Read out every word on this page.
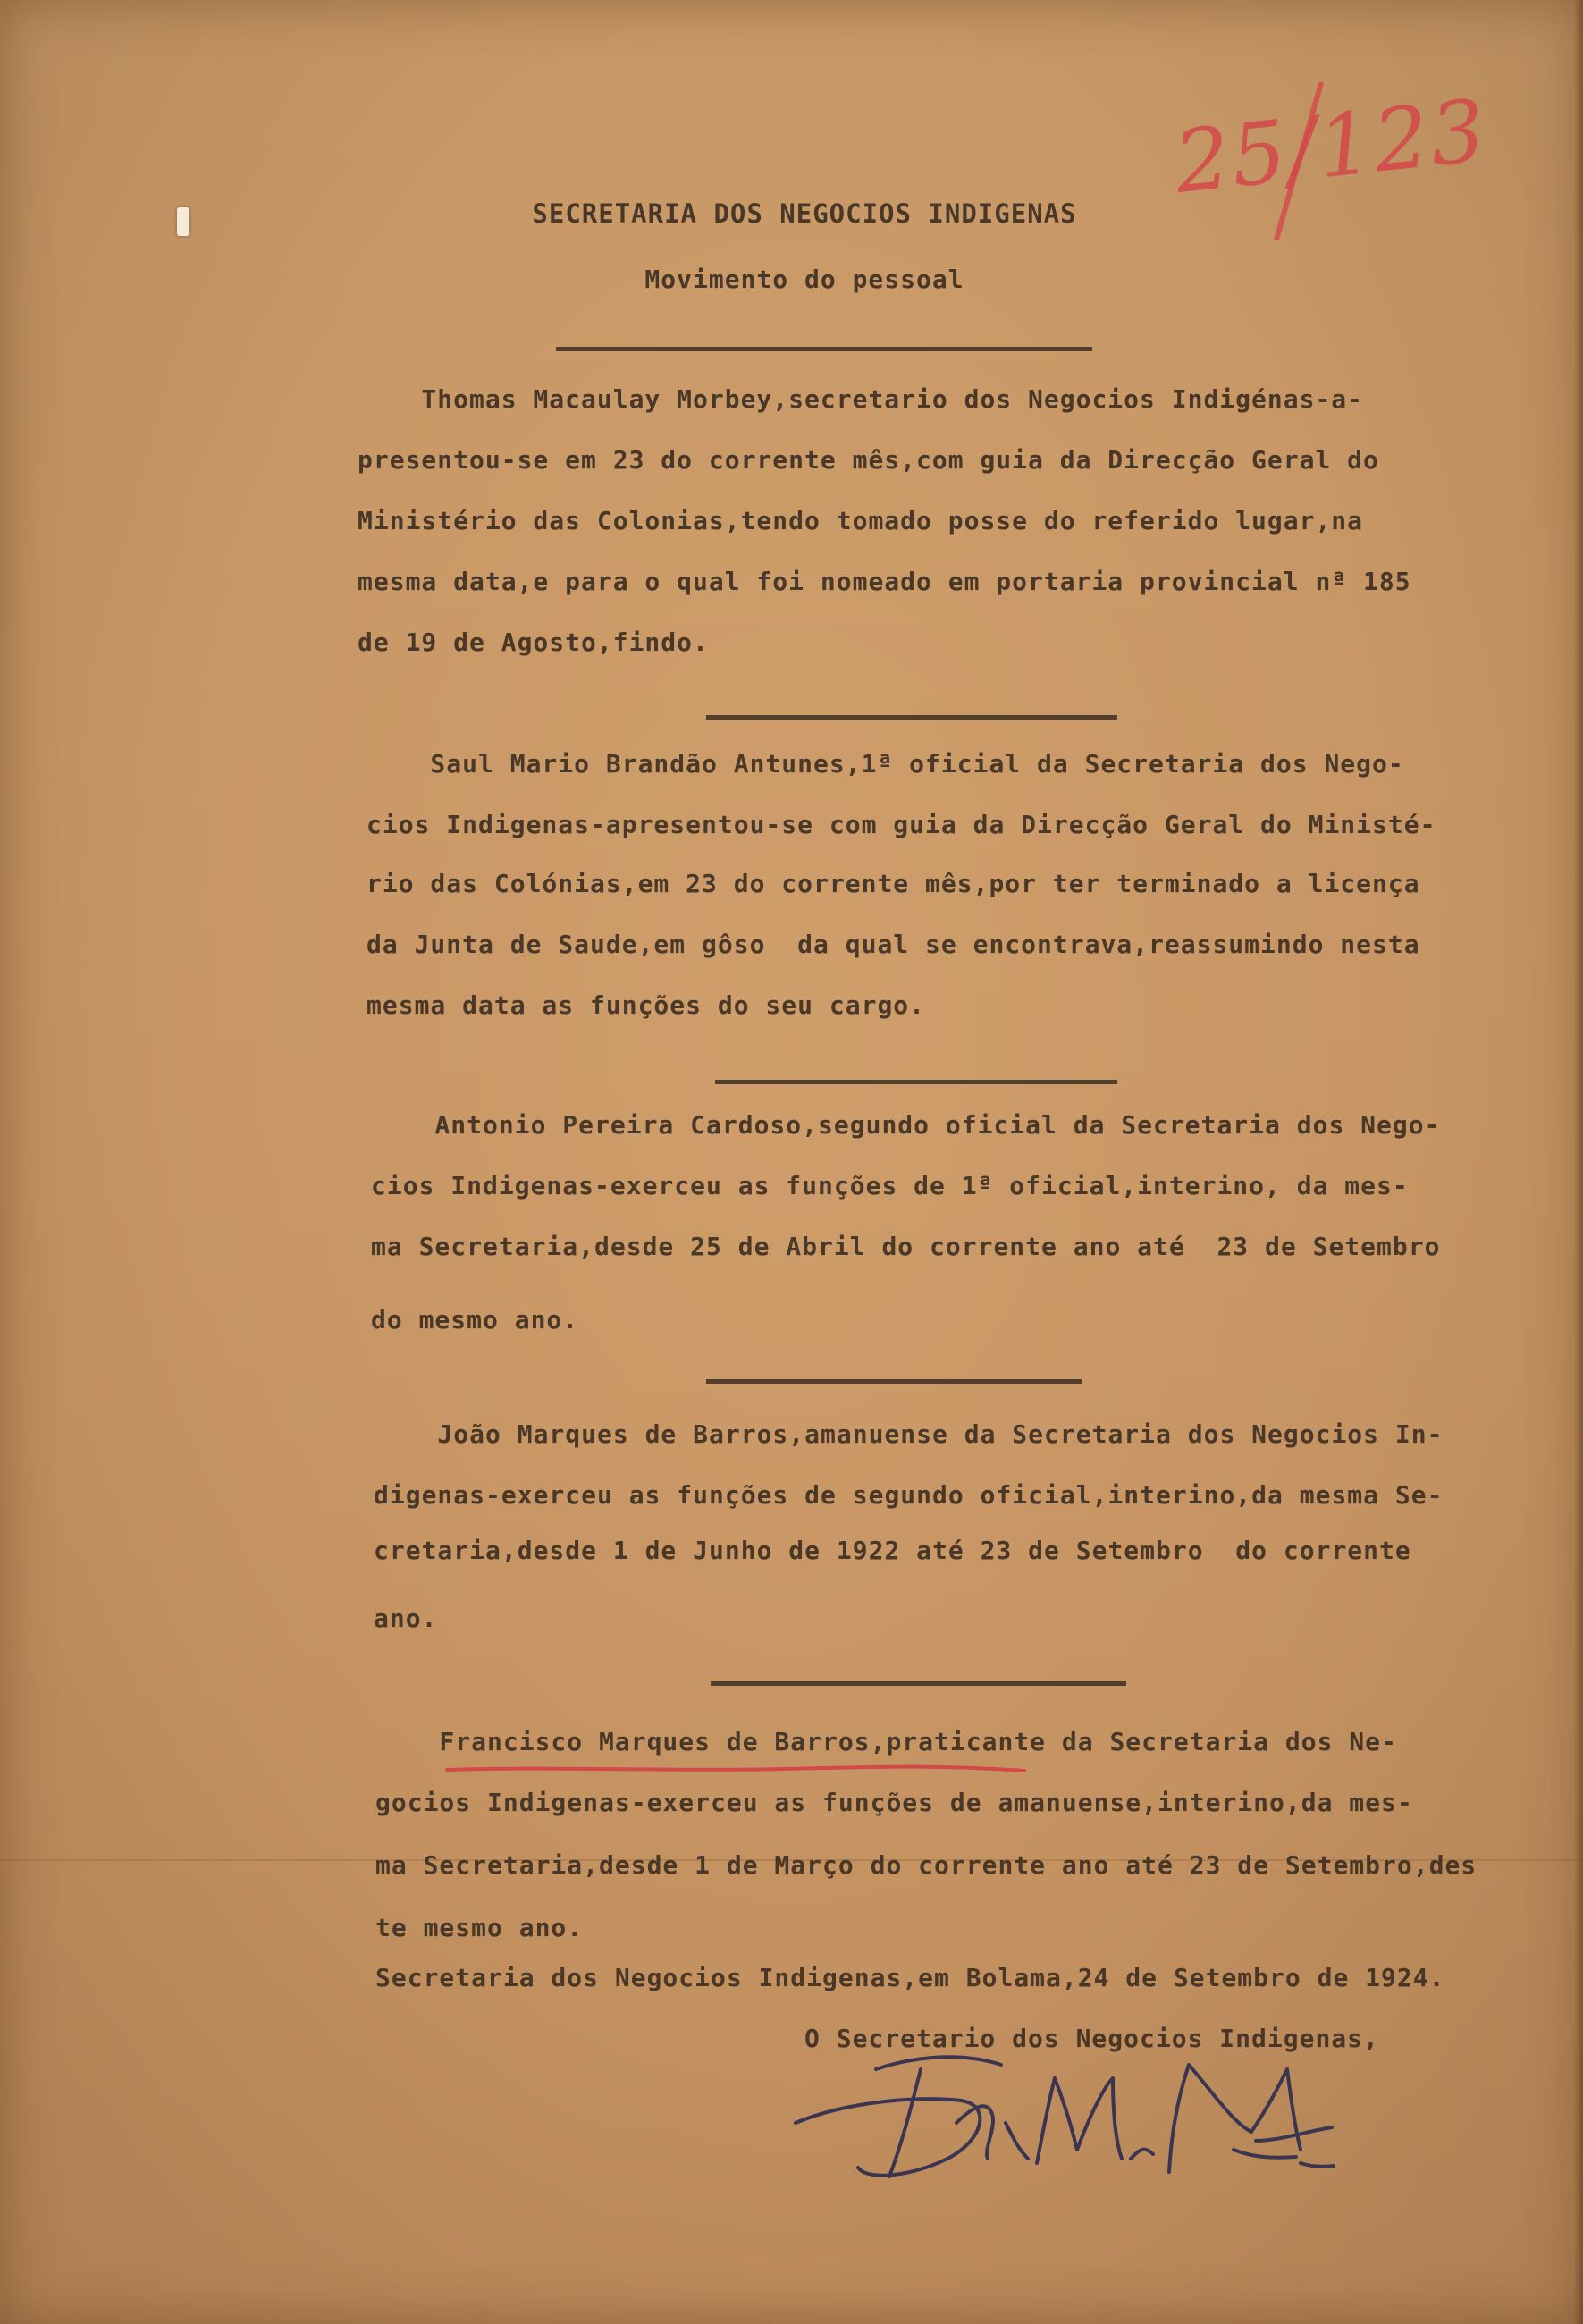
25/123
SECRETARIA DOS NEGOCIOS INDIGENAS
Movimento do pessoal
Thomas Macaulay Morbey,secretario dos Negocios Indigénas-a-
presentou-se em 23 do corrente mês,com guia da Direcção Geral do
Ministério das Colonias,tendo tomado posse do referido lugar,na
mesma data,e para o qual foi nomeado em portaria provincial nª 185
de 19 de Agosto,findo.
Saul Mario Brandão Antunes,1ª oficial da Secretaria dos Nego-
cios Indigenas-apresentou-se com guia da Direcção Geral do Ministé-
rio das Colónias,em 23 do corrente mês,por ter terminado a licença
da Junta de Saude,em gôso  da qual se encontrava,reassumindo nesta
mesma data as funções do seu cargo.
Antonio Pereira Cardoso,segundo oficial da Secretaria dos Nego-
cios Indigenas-exerceu as funções de 1ª oficial,interino, da mes-
ma Secretaria,desde 25 de Abril do corrente ano até  23 de Setembro
do mesmo ano.
João Marques de Barros,amanuense da Secretaria dos Negocios In-
digenas-exerceu as funções de segundo oficial,interino,da mesma Se-
cretaria,desde 1 de Junho de 1922 até 23 de Setembro  do corrente
ano.
Francisco Marques de Barros,praticante da Secretaria dos Ne-
gocios Indigenas-exerceu as funções de amanuense,interino,da mes-
ma Secretaria,desde 1 de Março do corrente ano até 23 de Setembro,des
te mesmo ano.
Secretaria dos Negocios Indigenas,em Bolama,24 de Setembro de 1924.
O Secretario dos Negocios Indigenas,
